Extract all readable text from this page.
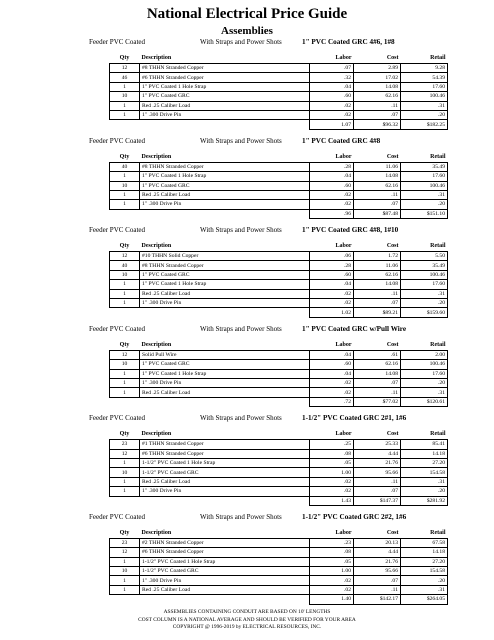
National Electrical Price Guide
Assemblies
Feeder PVC Coated	With Straps and Power Shots	1" PVC Coated GRC 4#6, 1#8
Qty	Description	Labor	Cost	Retail
12	#8 THHN Stranded Copper	.07	2.89	9.28
46	#6 THHN Stranded Copper	.32	17.02	54.39
1	1" PVC Coated 1 Hole Strap	.04	14.08	17.60
10	1" PVC Coated GRC	.60	62.16	100.46
1	Red .25 Caliber Load	.02	.11	.31
1	1" .300 Drive Pin	.02	.07	.20
		1.07	$96.32	$182.25
Feeder PVC Coated	With Straps and Power Shots	1" PVC Coated GRC 4#8
Qty	Description	Labor	Cost	Retail
40	#8 THHN Stranded Copper	.28	11.06	35.49
1	1" PVC Coated 1 Hole Strap	.04	14.08	17.60
10	1" PVC Coated GRC	.60	62.16	100.46
1	Red .25 Caliber Load	.02	.11	.31
1	1" .300 Drive Pin	.02	.07	.20
		.96	$87.48	$151.10
Feeder PVC Coated	With Straps and Power Shots	1" PVC Coated GRC 4#8, 1#10
Qty	Description	Labor	Cost	Retail
12	#10 THHN Solid Copper	.06	1.72	5.50
40	#8 THHN Stranded Copper	.28	11.06	35.49
10	1" PVC Coated GRC	.60	62.16	100.46
1	1" PVC Coated 1 Hole Strap	.04	14.08	17.60
1	Red .25 Caliber Load	.02	.11	.31
1	1" .300 Drive Pin	.02	.07	.20
		1.02	$89.21	$159.60
Feeder PVC Coated	With Straps and Power Shots	1" PVC Coated GRC w/Pull Wire
Qty	Description	Labor	Cost	Retail
12	Solid Pull Wire	.04	.61	2.00
10	1" PVC Coated GRC	.60	62.16	100.46
1	1" PVC Coated 1 Hole Strap	.04	14.08	17.60
1	1" .300 Drive Pin	.02	.07	.20
1	Red .25 Caliber Load	.02	.11	.31
		.72	$77.02	$120.61
Feeder PVC Coated	With Straps and Power Shots	1-1/2" PVC Coated GRC 2#1, 1#6
Qty	Description	Labor	Cost	Retail
23	#1 THHN Stranded Copper	.25	25.33	85.41
12	#6 THHN Stranded Copper	.08	4.44	14.18
1	1-1/2" PVC Coated 1 Hole Strap	.05	21.76	27.20
10	1-1/2" PVC Coated GRC	1.00	95.66	154.58
1	Red .25 Caliber Load	.02	.11	.31
1	1" .300 Drive Pin	.02	.07	.20
		1.43	$147.37	$281.92
Feeder PVC Coated	With Straps and Power Shots	1-1/2" PVC Coated GRC 2#2, 1#6
Qty	Description	Labor	Cost	Retail
23	#2 THHN Stranded Copper	.23	20.13	67.58
12	#6 THHN Stranded Copper	.08	4.44	14.18
1	1-1/2" PVC Coated 1 Hole Strap	.05	21.76	27.20
10	1-1/2" PVC Coated GRC	1.00	95.66	154.58
1	1" .300 Drive Pin	.02	.07	.20
1	Red .25 Caliber Load	.02	.11	.31
		1.40	$142.17	$264.05
ASSEMBLIES CONTAINING CONDUIT ARE BASED ON 10' LENGTHS
COST COLUMN IS A NATIONAL AVERAGE AND SHOULD BE VERIFIED FOR YOUR AREA
COPYRIGHT @ 1996-2019 by ELECTRICAL RESOURCES, INC.
